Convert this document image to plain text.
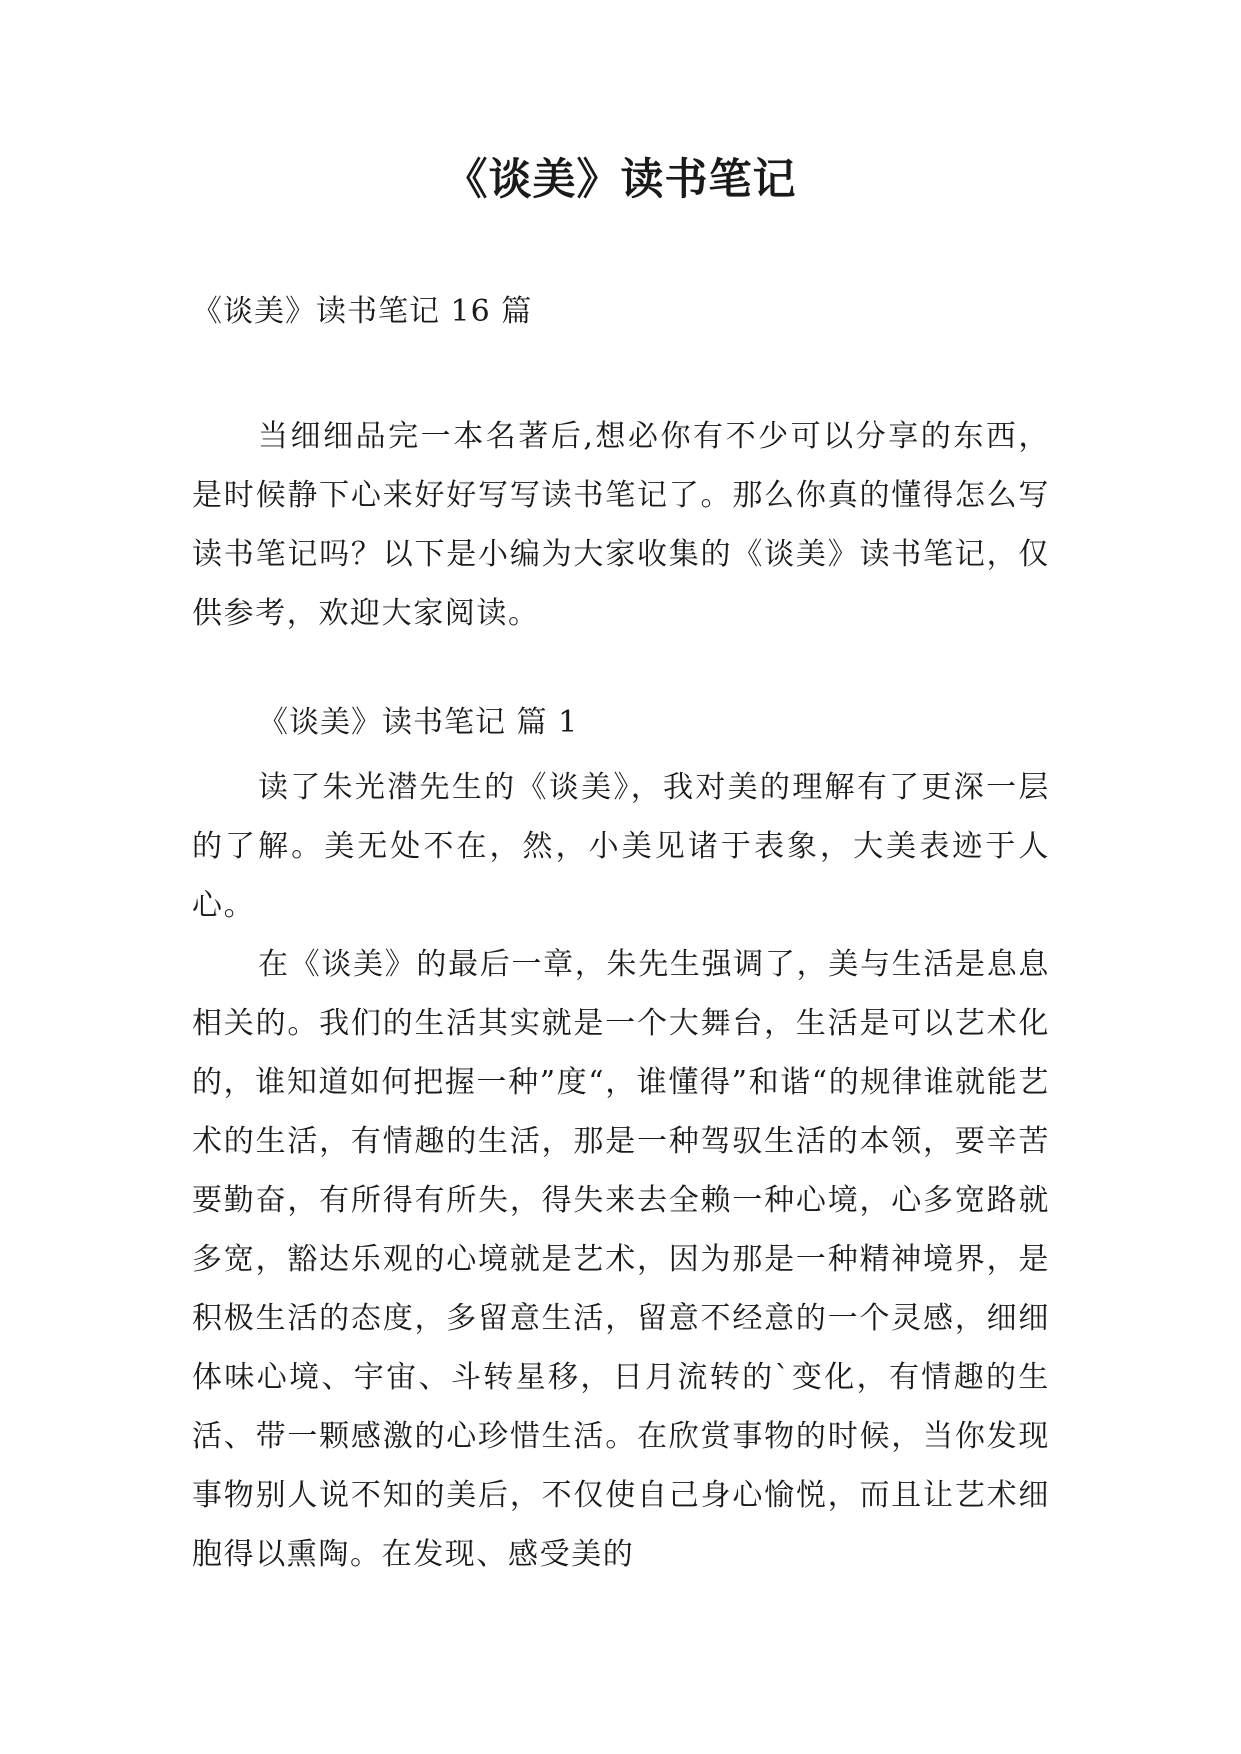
《谈美》读书笔记
《谈美》读书笔记 16 篇
当细细品完一本名著后,想必你有不少可以分享的东西，是时候静下心来好好写写读书笔记了。那么你真的懂得怎么写读书笔记吗？以下是小编为大家收集的《谈美》读书笔记，仅供参考，欢迎大家阅读。
《谈美》读书笔记 篇 1

读了朱光潜先生的《谈美》，我对美的理解有了更深一层的了解。美无处不在，然，小美见诸于表象，大美表迹于人心。

在《谈美》的最后一章，朱先生强调了，美与生活是息息相关的。我们的生活其实就是一个大舞台，生活是可以艺术化的，谁知道如何把握一种”度“，谁懂得”和谐“的规律谁就能艺术的生活，有情趣的生活，那是一种驾驭生活的本领，要辛苦要勤奋，有所得有所失，得失来去全赖一种心境，心多宽路就多宽，豁达乐观的心境就是艺术，因为那是一种精神境界，是积极生活的态度，多留意生活，留意不经意的一个灵感，细细体味心境、宇宙、斗转星移，日月流转的`变化，有情趣的生活、带一颗感激的心珍惜生活。在欣赏事物的时候，当你发现事物别人说不知的美后，不仅使自己身心愉悦，而且让艺术细胞得以熏陶。在发现、感受美的
